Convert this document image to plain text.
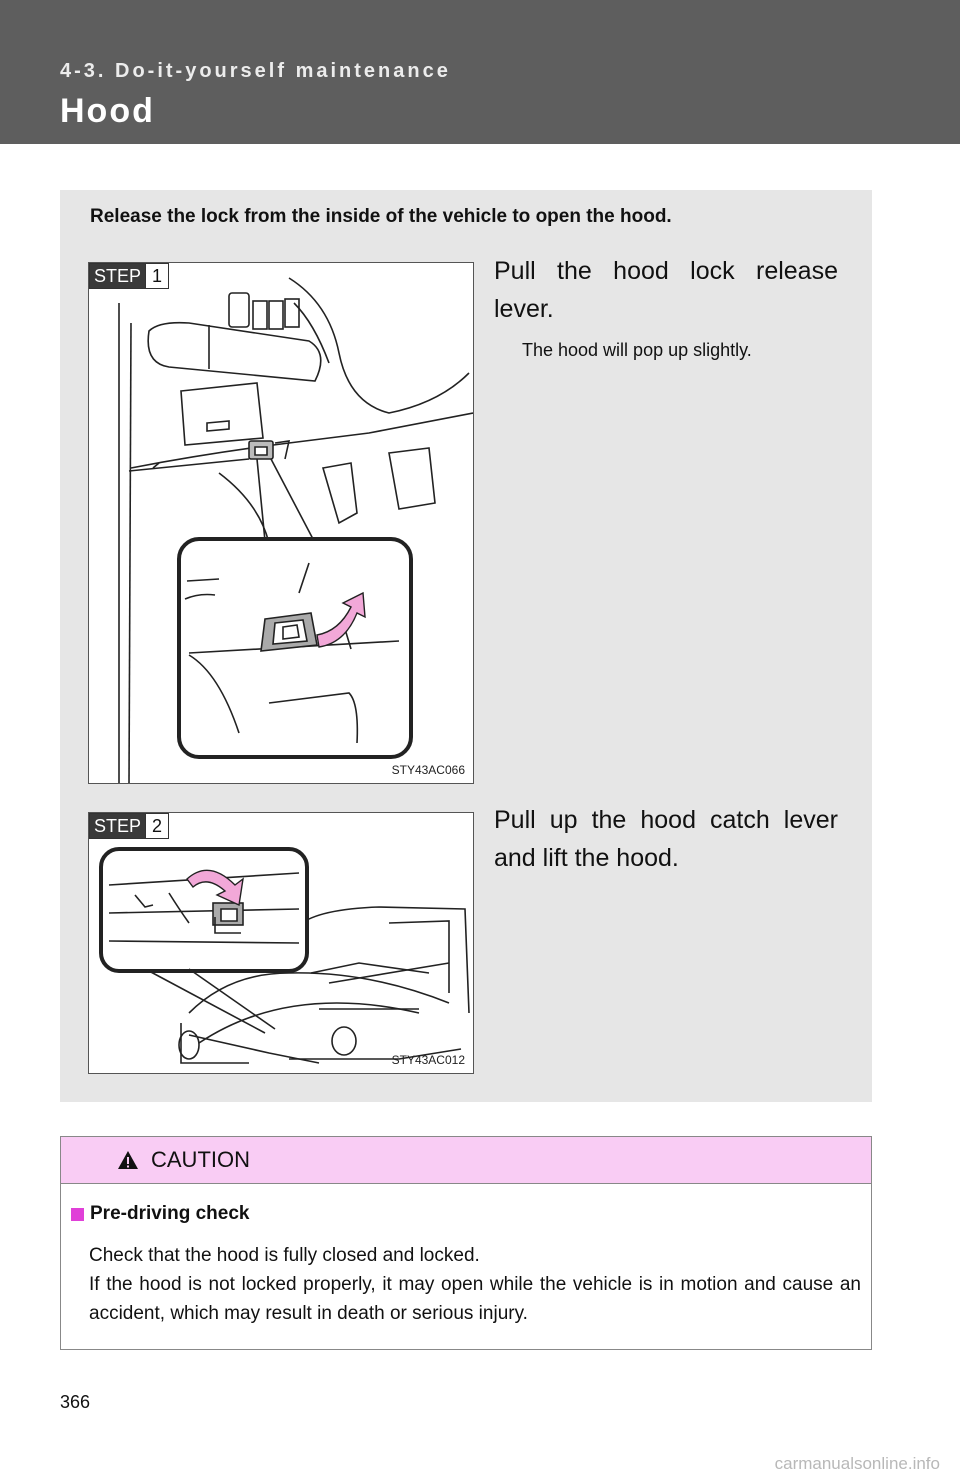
4-3. Do-it-yourself maintenance
Hood
Release the lock from the inside of the vehicle to open the hood.
STEP 1
STY43AC066
Pull the hood lock release lever.
The hood will pop up slightly.
STEP 2
STY43AC012
Pull up the hood catch lever and lift the hood.
CAUTION
Pre-driving check

Check that the hood is fully closed and locked.

If the hood is not locked properly, it may open while the vehicle is in motion and cause an accident, which may result in death or serious injury.

366
carmanualsonline.info
